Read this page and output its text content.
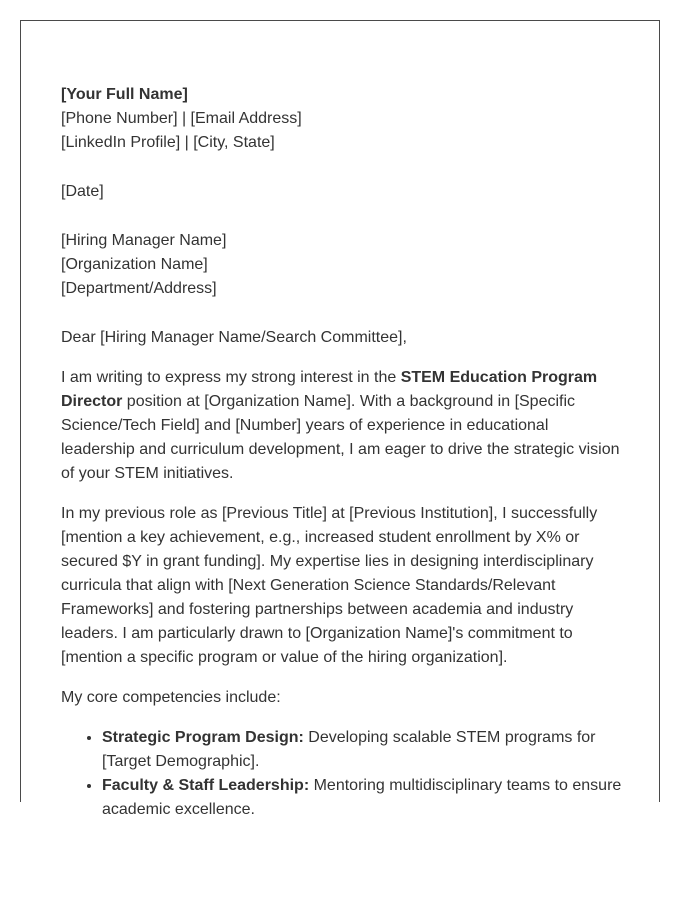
[Your Full Name]
[Phone Number] | [Email Address]
[LinkedIn Profile] | [City, State]
[Date]
[Hiring Manager Name]
[Organization Name]
[Department/Address]

Dear [Hiring Manager Name/Search Committee],

I am writing to express my strong interest in the STEM Education Program Director position at [Organization Name]. With a background in [Specific Science/Tech Field] and [Number] years of experience in educational leadership and curriculum development, I am eager to drive the strategic vision of your STEM initiatives.

In my previous role as [Previous Title] at [Previous Institution], I successfully [mention a key achievement, e.g., increased student enrollment by X% or secured $Y in grant funding]. My expertise lies in designing interdisciplinary curricula that align with [Next Generation Science Standards/Relevant Frameworks] and fostering partnerships between academia and industry leaders. I am particularly drawn to [Organization Name]'s commitment to [mention a specific program or value of the hiring organization].

My core competencies include:

• Strategic Program Design: Developing scalable STEM programs for [Target Demographic].
• Faculty & Staff Leadership: Mentoring multidisciplinary teams to ensure academic excellence.
